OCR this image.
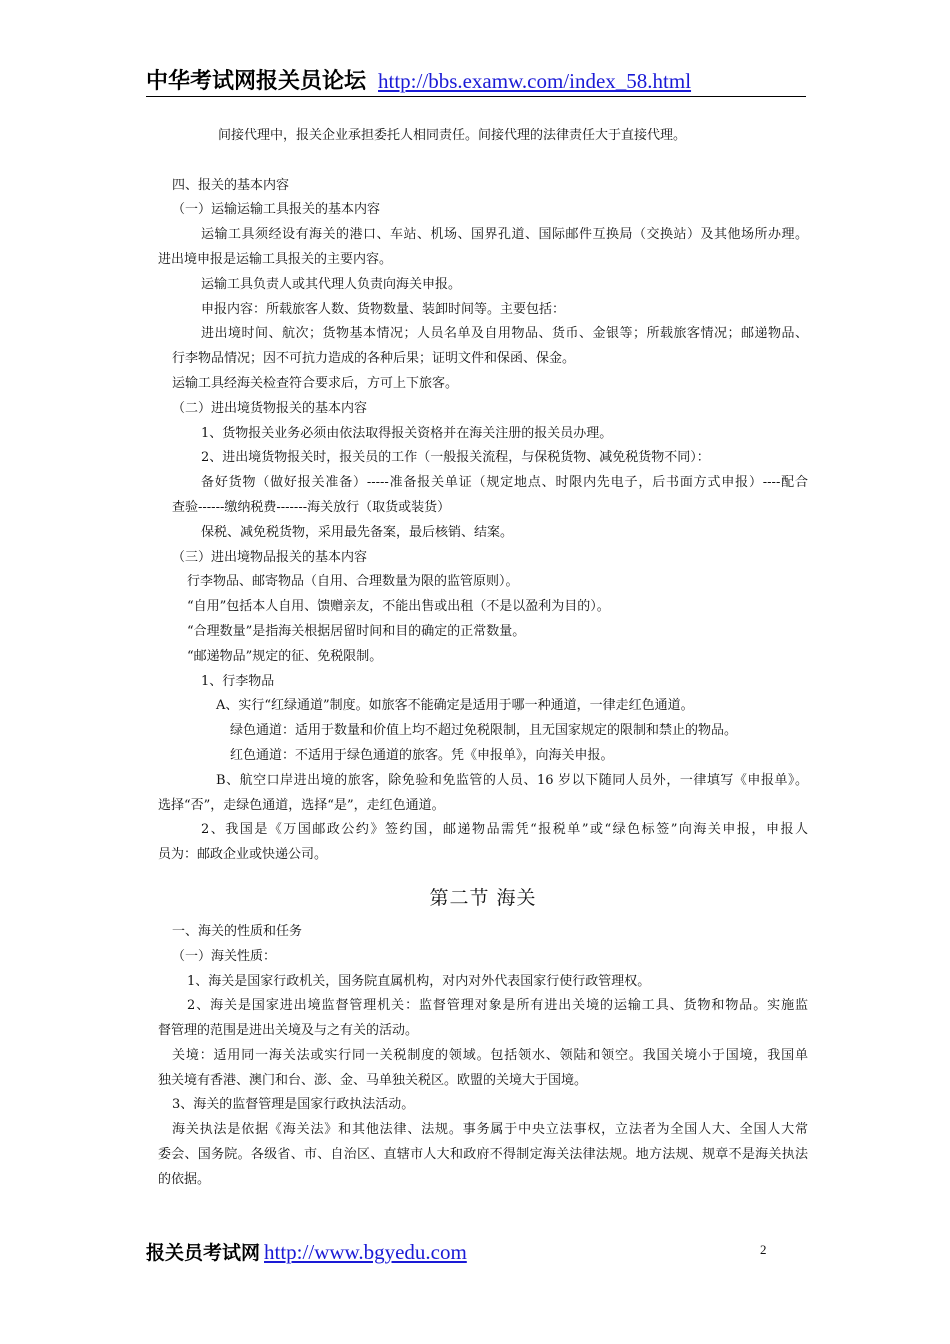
中华考试网报关员论坛 http://bbs.examw.com/index_58.html
间接代理中，报关企业承担委托人相同责任。间接代理的法律责任大于直接代理。
四、报关的基本内容
（一）运输运输工具报关的基本内容
运输工具须经设有海关的港口、车站、机场、国界孔道、国际邮件互换局（交换站）及其他场所办理。
进出境申报是运输工具报关的主要内容。
运输工具负责人或其代理人负责向海关申报。
申报内容：所载旅客人数、货物数量、装卸时间等。主要包括：
进出境时间、航次；货物基本情况；人员名单及自用物品、货币、金银等；所载旅客情况；邮递物品、
行李物品情况；因不可抗力造成的各种后果；证明文件和保函、保金。
运输工具经海关检查符合要求后，方可上下旅客。
（二）进出境货物报关的基本内容
1、货物报关业务必须由依法取得报关资格并在海关注册的报关员办理。
2、进出境货物报关时，报关员的工作（一般报关流程，与保税货物、减免税货物不同）：
备好货物（做好报关准备）-----准备报关单证（规定地点、时限内先电子，后书面方式申报）----配合
查验------缴纳税费-------海关放行（取货或装货）
保税、减免税货物，采用最先备案，最后核销、结案。
（三）进出境物品报关的基本内容
行李物品、邮寄物品（自用、合理数量为限的监管原则）。
“自用”包括本人自用、馈赠亲友，不能出售或出租（不是以盈利为目的）。
“合理数量”是指海关根据居留时间和目的确定的正常数量。
“邮递物品”规定的征、免税限制。
1、行李物品
A、实行“红绿通道”制度。如旅客不能确定是适用于哪一种通道，一律走红色通道。
绿色通道：适用于数量和价值上均不超过免税限制，且无国家规定的限制和禁止的物品。
红色通道：不适用于绿色通道的旅客。凭《申报单》，向海关申报。
B、航空口岸进出境的旅客，除免验和免监管的人员、16 岁以下随同人员外，一律填写《申报单》。
选择“否”，走绿色通道，选择“是”，走红色通道。
2、我国是《万国邮政公约》签约国，邮递物品需凭“报税单”或“绿色标签”向海关申报，申报人
员为：邮政企业或快递公司。
第二节 海关
一、海关的性质和任务
（一）海关性质：
1、海关是国家行政机关，国务院直属机构，对内对外代表国家行使行政管理权。
2、海关是国家进出境监督管理机关：监督管理对象是所有进出关境的运输工具、货物和物品。实施监
督管理的范围是进出关境及与之有关的活动。
关境：适用同一海关法或实行同一关税制度的领域。包括领水、领陆和领空。我国关境小于国境，我国单
独关境有香港、澳门和台、澎、金、马单独关税区。欧盟的关境大于国境。
3、海关的监督管理是国家行政执法活动。
海关执法是依据《海关法》和其他法律、法规。事务属于中央立法事权，立法者为全国人大、全国人大常
委会、国务院。各级省、市、自治区、直辖市人大和政府不得制定海关法律法规。地方法规、规章不是海关执法
的依据。
报关员考试网 http://www.bgyedu.com	2
